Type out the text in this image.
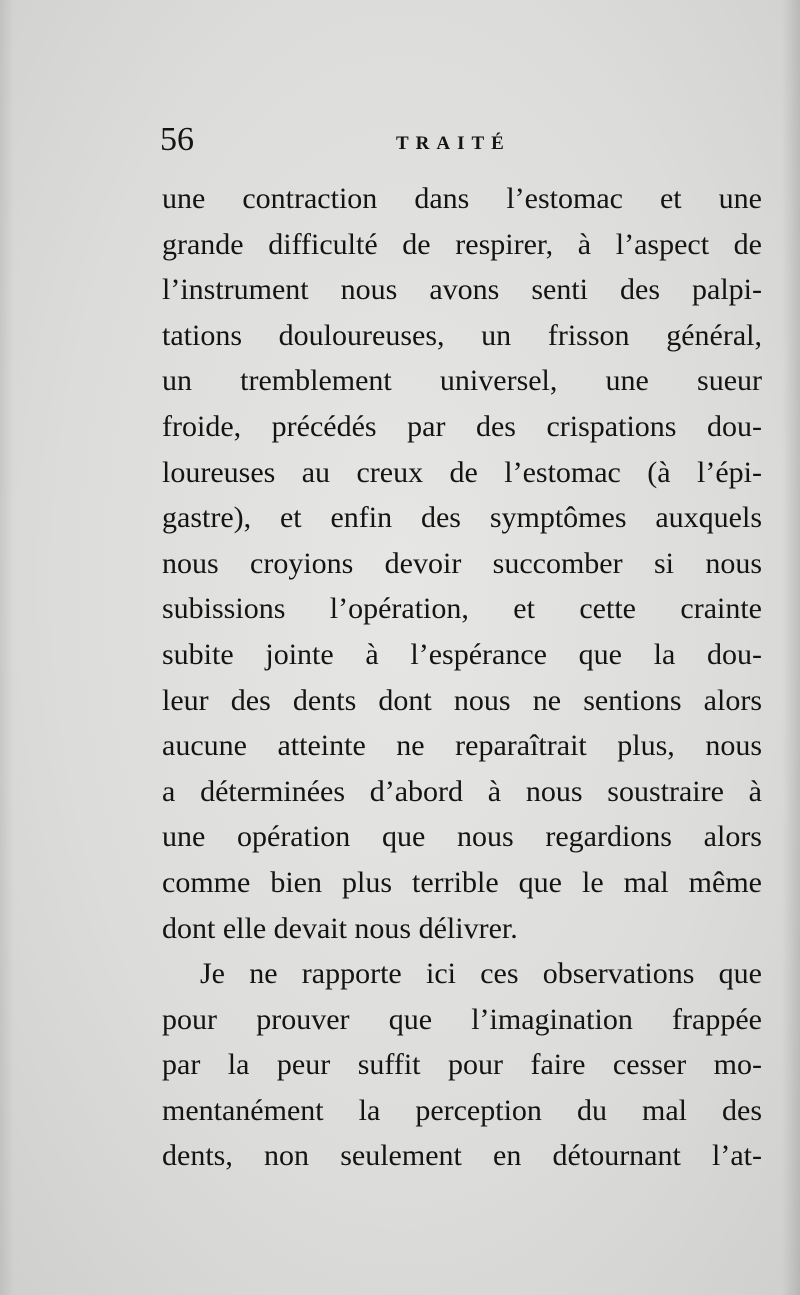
56	TRAITÉ
une contraction dans l’estomac et une
grande difficulté de respirer, à l’aspect de
l’instrument nous avons senti des palpi-
tations douloureuses, un frisson général,
un tremblement universel, une sueur
froide, précédés par des crispations dou-
loureuses au creux de l’estomac (à l’épi-
gastre), et enfin des symptômes auxquels
nous croyions devoir succomber si nous
subissions l’opération, et cette crainte
subite jointe à l’espérance que la dou-
leur des dents dont nous ne sentions alors
aucune atteinte ne reparaîtrait plus, nous
a déterminées d’abord à nous soustraire à
une opération que nous regardions alors
comme bien plus terrible que le mal même
dont elle devait nous délivrer.
Je ne rapporte ici ces observations que
pour prouver que l’imagination frappée
par la peur suffit pour faire cesser mo-
mentanément la perception du mal des
dents, non seulement en détournant l’at-
